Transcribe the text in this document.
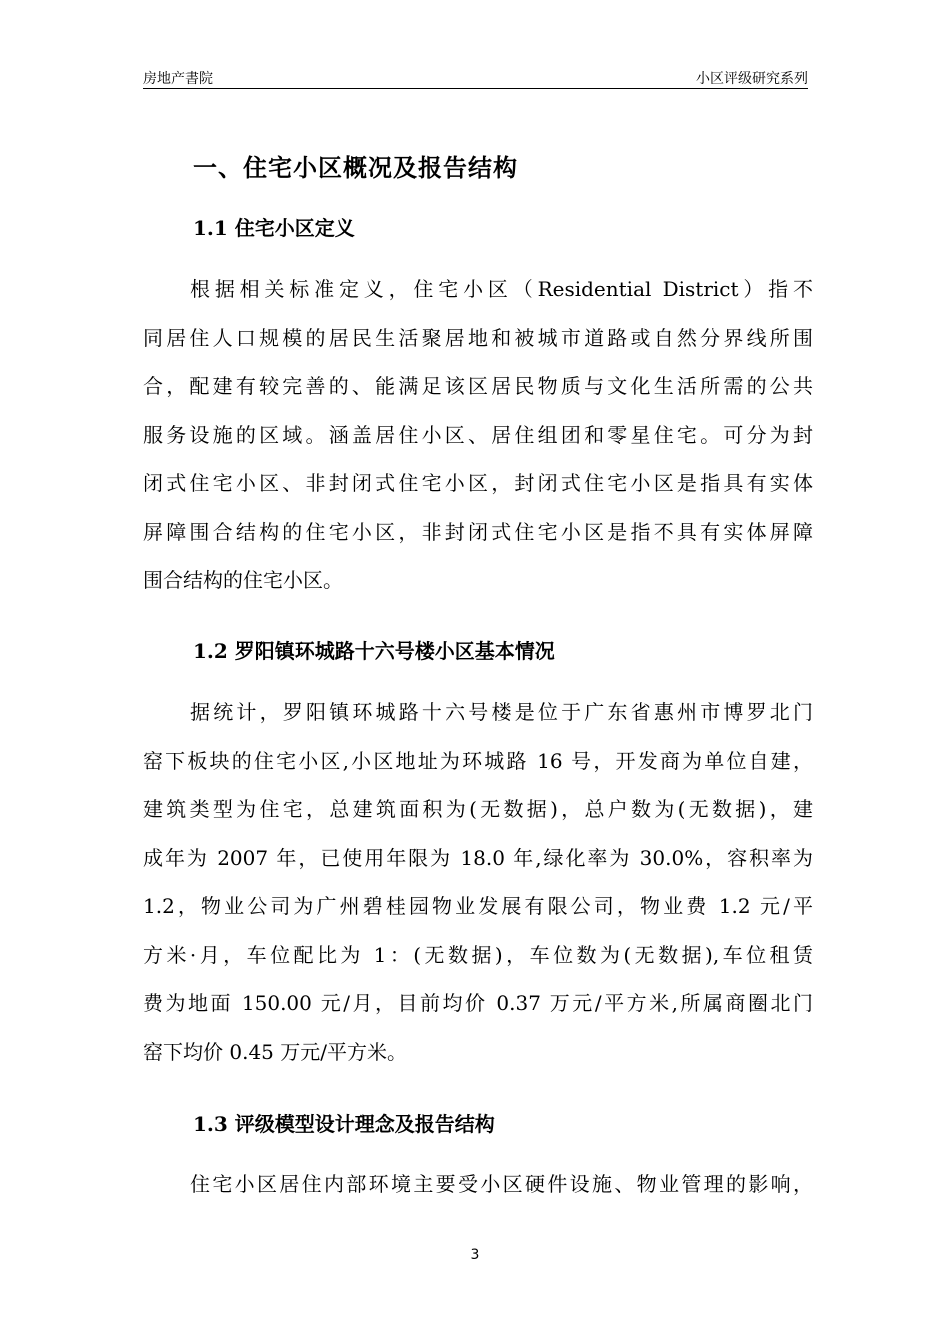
房地产書院	小区评级研究系列
一、住宅小区概况及报告结构
1.1 住宅小区定义
根据相关标准定义，住宅小区（Residential District）指不
同居住人口规模的居民生活聚居地和被城市道路或自然分界线所围
合，配建有较完善的、能满足该区居民物质与文化生活所需的公共
服务设施的区域。涵盖居住小区、居住组团和零星住宅。可分为封
闭式住宅小区、非封闭式住宅小区，封闭式住宅小区是指具有实体
屏障围合结构的住宅小区，非封闭式住宅小区是指不具有实体屏障
围合结构的住宅小区。
1.2 罗阳镇环城路十六号楼小区基本情况
据统计，罗阳镇环城路十六号楼是位于广东省惠州市博罗北门
窑下板块的住宅小区,小区地址为环城路 16 号，开发商为单位自建，
建筑类型为住宅，总建筑面积为(无数据)，总户数为(无数据)，建
成年为 2007 年，已使用年限为 18.0 年,绿化率为 30.0%，容积率为
1.2，物业公司为广州碧桂园物业发展有限公司，物业费 1.2 元/平
方米·月，车位配比为 1：(无数据)，车位数为(无数据),车位租赁
费为地面 150.00 元/月，目前均价 0.37 万元/平方米,所属商圈北门
窑下均价 0.45 万元/平方米。
1.3 评级模型设计理念及报告结构
住宅小区居住内部环境主要受小区硬件设施、物业管理的影响，
3
